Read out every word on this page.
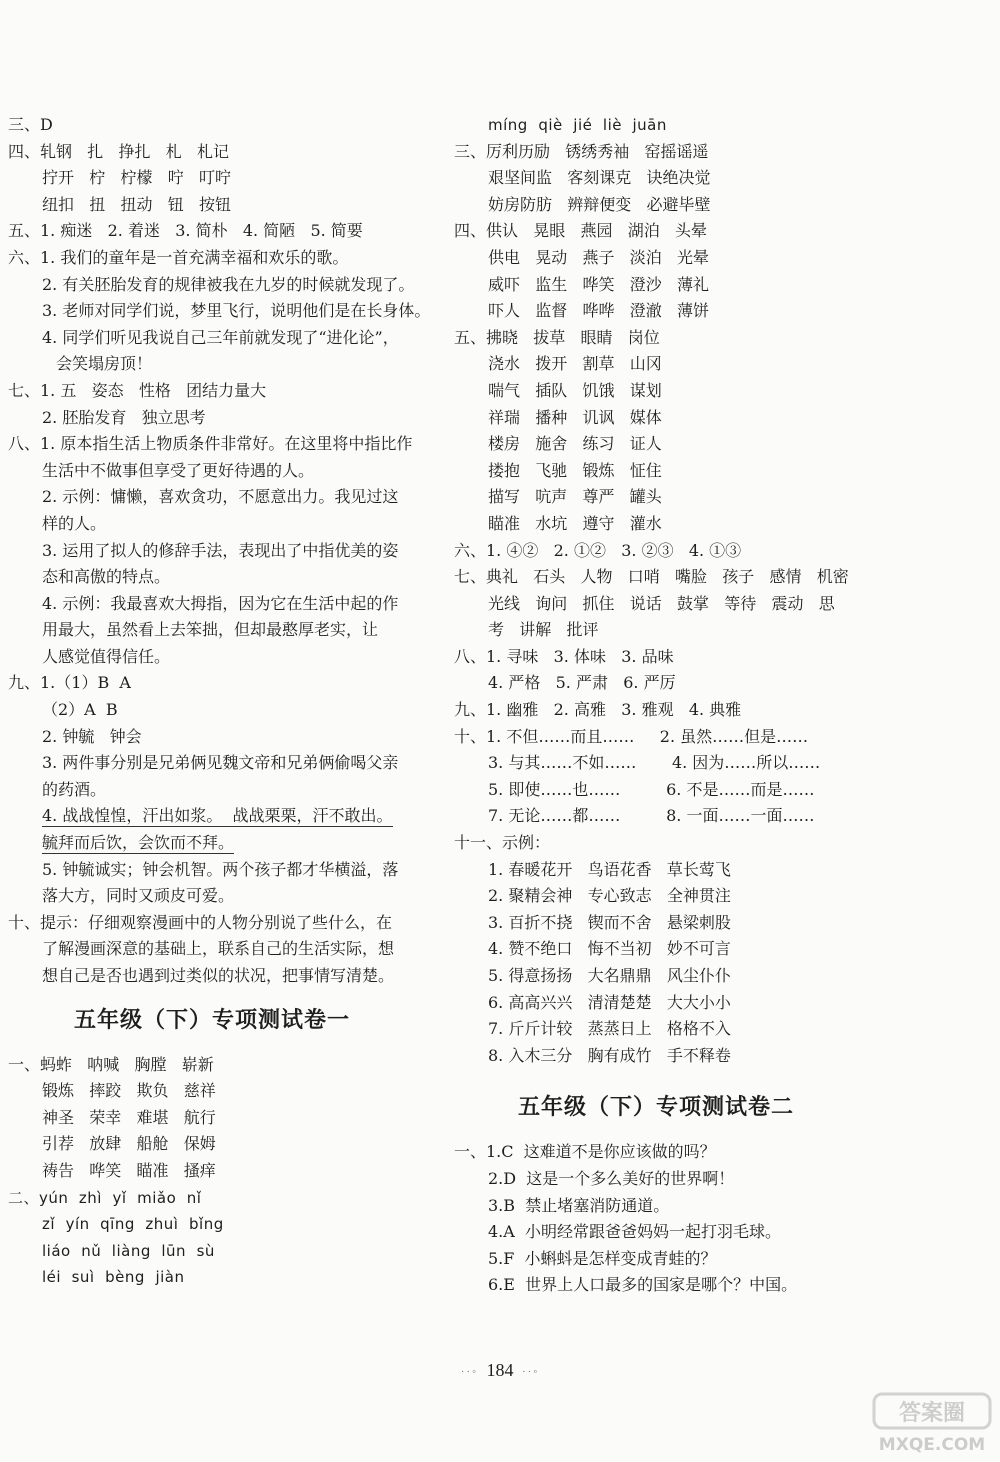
三、D
四、轧钢   扎   挣扎   札   札记
拧开   柠   柠檬   咛   叮咛
纽扣   扭   扭动   钮   按钮
五、1. 痴迷   2. 着迷   3. 简朴   4. 简陋   5. 简要
六、1. 我们的童年是一首充满幸福和欢乐的歌。
2. 有关胚胎发育的规律被我在九岁的时候就发现了。
3. 老师对同学们说，梦里飞行，说明他们是在长身体。
4. 同学们听见我说自己三年前就发现了“进化论”，
会笑塌房顶！
七、1. 五   姿态   性格   团结力量大
2. 胚胎发育   独立思考
八、1. 原本指生活上物质条件非常好。在这里将中指比作
生活中不做事但享受了更好待遇的人。
2. 示例：慵懒，喜欢贪功，不愿意出力。我见过这
样的人。
3. 运用了拟人的修辞手法，表现出了中指优美的姿
态和高傲的特点。
4. 示例：我最喜欢大拇指，因为它在生活中起的作
用最大，虽然看上去笨拙，但却最憨厚老实，让
人感觉值得信任。
九、1.（1）B  A
（2）A  B
2. 钟毓   钟会
3. 两件事分别是兄弟俩见魏文帝和兄弟俩偷喝父亲
的药酒。
4. 战战惶惶，汗出如浆。  战战栗栗，汗不敢出。
毓拜而后饮，会饮而不拜。
5. 钟毓诚实；钟会机智。两个孩子都才华横溢，落
落大方，同时又顽皮可爱。
十、提示：仔细观察漫画中的人物分别说了些什么，在
了解漫画深意的基础上，联系自己的生活实际，想
想自己是否也遇到过类似的状况，把事情写清楚。
五年级（下）专项测试卷一
一、蚂蚱   呐喊   胸膛   崭新
锻炼   摔跤   欺负   慈祥
神圣   荣幸   难堪   航行
引荐   放肆   船舱   保姆
祷告   哗笑   瞄准   搔痒
二、yún  zhì  yǐ  miǎo  nǐ
zǐ  yín  qīng  zhuì  bǐng
liáo  nǔ  liàng  lūn  sù
léi  suì  bèng  jiàn
míng  qiè  jié  liè  juān
三、厉利历励   锈绣秀袖   窑摇谣遥
艰坚间监   客刻课克   诀绝决觉
妨房防肪   辨辩便变   必避毕壁
四、供认   晃眼   燕园   湖泊   头晕
供电   晃动   燕子   淡泊   光晕
威吓   监生   哗笑   澄沙   薄礼
吓人   监督   哗哗   澄澈   薄饼
五、拂晓   拔草   眼睛   岗位
浇水   拨开   割草   山冈
喘气   插队   饥饿   谋划
祥瑞   播种   讥讽   媒体
楼房   施舍   练习   证人
搂抱   飞驰   锻炼   怔住
描写   吭声   尊严   罐头
瞄准   水坑   遵守   灌水
六、1. ④②   2. ①②   3. ②③   4. ①③
七、典礼   石头   人物   口哨   嘴脸   孩子   感情   机密
光线   询问   抓住   说话   鼓掌   等待   震动   思
考   讲解   批评
八、1. 寻味   3. 体味   3. 品味
4. 严格   5. 严肃   6. 严厉
九、1. 幽雅   2. 高雅   3. 雅观   4. 典雅
十、1. 不但……而且……     2. 虽然……但是……
3. 与其……不如……       4. 因为……所以……
5. 即使……也……         6. 不是……而是……
7. 无论……都……         8. 一面……一面……
十一、示例：
1. 春暖花开   鸟语花香   草长莺飞
2. 聚精会神   专心致志   全神贯注
3. 百折不挠   锲而不舍   悬梁刺股
4. 赞不绝口   悔不当初   妙不可言
5. 得意扬扬   大名鼎鼎   风尘仆仆
6. 高高兴兴   清清楚楚   大大小小
7. 斤斤计较   蒸蒸日上   格格不入
8. 入木三分   胸有成竹   手不释卷
五年级（下）专项测试卷二
一、1.C  这难道不是你应该做的吗？
2.D  这是一个多么美好的世界啊！
3.B  禁止堵塞消防通道。
4.A  小明经常跟爸爸妈妈一起打羽毛球。
5.F  小蝌蚪是怎样变成青蛙的？
6.E  世界上人口最多的国家是哪个？中国。
··◦ 184 ··◦
答案圈
MXQE.COM
